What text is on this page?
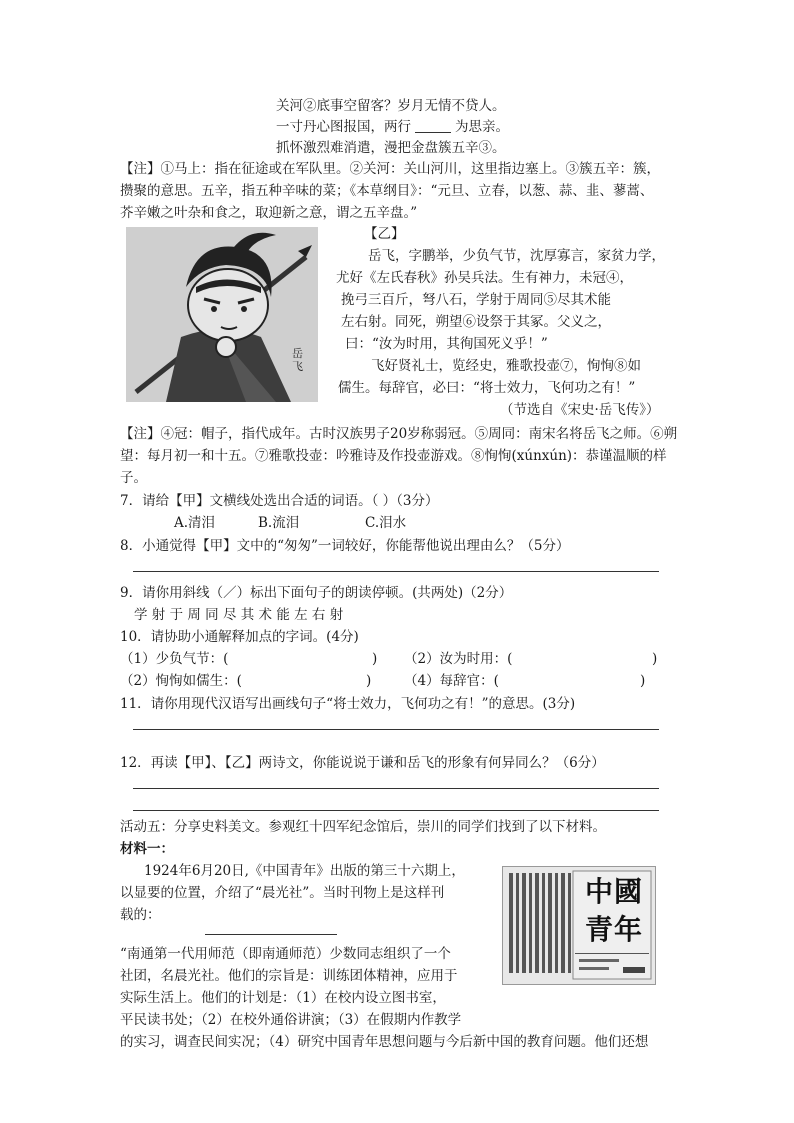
关河②底事空留客？岁月无情不贷人。
一寸丹心图报国，两行	为思亲。
抓怀激烈难消遣，漫把金盘簇五辛③。
【注】①马上：指在征途或在军队里。②关河：关山河川，这里指边塞上。③簇五辛：簇，
攒聚的意思。五辛，指五种辛味的菜；《本草纲目》：“元旦、立春，以葱、蒜、韭、蓼蒿、
芥辛嫩之叶杂和食之，取迎新之意，谓之五辛盘。”
岳飞
【乙】
岳飞，字鹏举，少负气节，沈厚寡言，家贫力学，
尤好《左氏春秋》孙吴兵法。生有神力，未冠④，
挽弓三百斤，弩八石，学射于周同⑤尽其术能
左右射。同死，朔望⑥设祭于其冢。父义之，
曰：“汝为时用，其徇国死义乎！”
飞好贤礼士，览经史，雅歌投壶⑦，恂恂⑧如
儒生。每辞官，必曰：“将士效力，飞何功之有！”
（节选自《宋史·岳飞传》）
【注】④冠：帽子，指代成年。古时汉族男子20岁称弱冠。⑤周同：南宋名将岳飞之师。⑥朔
望：每月初一和十五。⑦雅歌投壶：吟雅诗及作投壶游戏。⑧恂恂(xúnxún)：恭谨温顺的样
子。
7．请给【甲】文横线处选出合适的词语。（ ）（3分）
A.清泪	B.流泪	C.泪水
8．小通觉得【甲】文中的“匆匆”一词较好，你能帮他说出理由么？（5分）
9．请你用斜线（／）标出下面句子的朗读停顿。(共两处)（2分）
学 射 于 周 同 尽 其 术 能 左 右 射
10．请协助小通解释加点的字词。(4分)
（1）少负气节：(	) （2）汝为时用：(	)
（2）恂恂如儒生：(	) （4）每辞官：(	)
11．请你用现代汉语写出画线句子“将士效力，飞何功之有！”的意思。(3分)
12．再读【甲】、【乙】两诗文，你能说说于谦和岳飞的形象有何异同么？（6分）
活动五：分享史料美文。参观红十四军纪念馆后，崇川的同学们找到了以下材料。
材料一：
1924年6月20日,《中国青年》出版的第三十六期上，
以显要的位置，介绍了“晨光社”。当时刊物上是这样刊
载的：
“南通第一代用师范（即南通师范）少数同志组织了一个
社团，名晨光社。他们的宗旨是：训练团体精神，应用于
实际生活上。他们的计划是：（1）在校内设立图书室，
平民读书处；（2）在校外通俗讲演；（3）在假期内作教学
的实习，调查民间实况；（4）研究中国青年思想问题与今后新中国的教育问题。他们还想
中國青年
